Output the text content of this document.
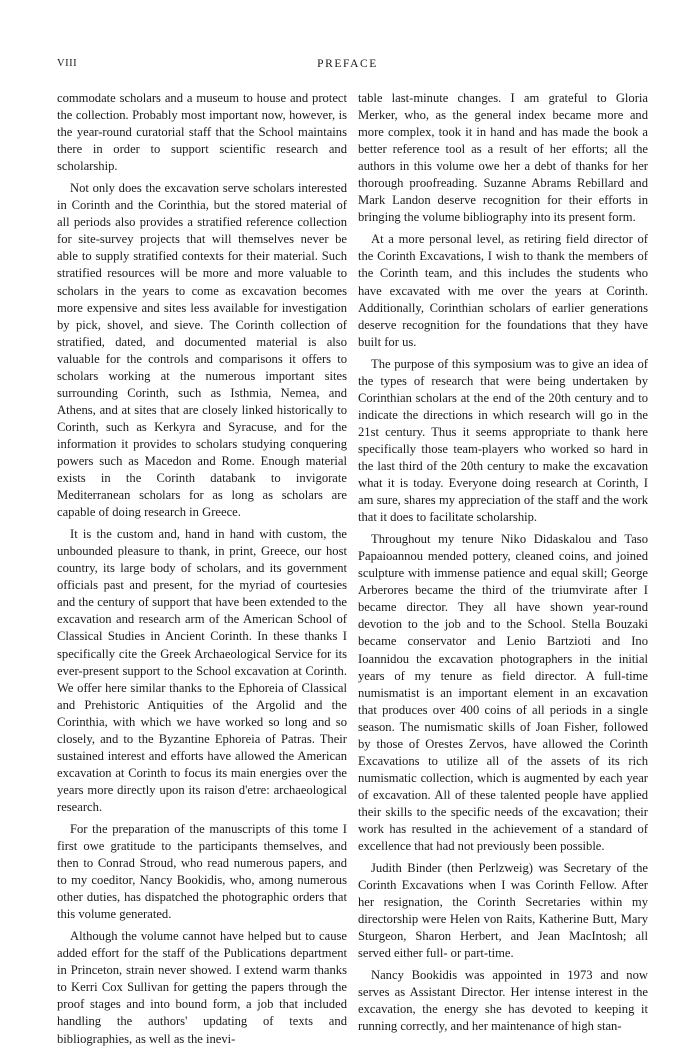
VIII	PREFACE

commodate scholars and a museum to house and protect the collection. Probably most important now, however, is the year-round curatorial staff that the School maintains there in order to support scientific research and scholarship.

Not only does the excavation serve scholars interested in Corinth and the Corinthia, but the stored material of all periods also provides a stratified reference collection for site-survey projects that will themselves never be able to supply stratified contexts for their material. Such stratified resources will be more and more valuable to scholars in the years to come as excavation becomes more expensive and sites less available for investigation by pick, shovel, and sieve. The Corinth collection of stratified, dated, and documented material is also valuable for the controls and comparisons it offers to scholars working at the numerous important sites surrounding Corinth, such as Isthmia, Nemea, and Athens, and at sites that are closely linked historically to Corinth, such as Kerkyra and Syracuse, and for the information it provides to scholars studying conquering powers such as Macedon and Rome. Enough material exists in the Corinth databank to invigorate Mediterranean scholars for as long as scholars are capable of doing research in Greece.

It is the custom and, hand in hand with custom, the unbounded pleasure to thank, in print, Greece, our host country, its large body of scholars, and its government officials past and present, for the myriad of courtesies and the century of support that have been extended to the excavation and research arm of the American School of Classical Studies in Ancient Corinth. In these thanks I specifically cite the Greek Archaeological Service for its ever-present support to the School excavation at Corinth. We offer here similar thanks to the Ephoreia of Classical and Prehistoric Antiquities of the Argolid and the Corinthia, with which we have worked so long and so closely, and to the Byzantine Ephoreia of Patras. Their sustained interest and efforts have allowed the American excavation at Corinth to focus its main energies over the years more directly upon its raison d'etre: archaeological research.

For the preparation of the manuscripts of this tome I first owe gratitude to the participants themselves, and then to Conrad Stroud, who read numerous papers, and to my coeditor, Nancy Bookidis, who, among numerous other duties, has dispatched the photographic orders that this volume generated.

Although the volume cannot have helped but to cause added effort for the staff of the Publications department in Princeton, strain never showed. I extend warm thanks to Kerri Cox Sullivan for getting the papers through the proof stages and into bound form, a job that included handling the authors' updating of texts and bibliographies, as well as the inevi-

table last-minute changes. I am grateful to Gloria Merker, who, as the general index became more and more complex, took it in hand and has made the book a better reference tool as a result of her efforts; all the authors in this volume owe her a debt of thanks for her thorough proofreading. Suzanne Abrams Rebillard and Mark Landon deserve recognition for their efforts in bringing the volume bibliography into its present form.

At a more personal level, as retiring field director of the Corinth Excavations, I wish to thank the members of the Corinth team, and this includes the students who have excavated with me over the years at Corinth. Additionally, Corinthian scholars of earlier generations deserve recognition for the foundations that they have built for us.

The purpose of this symposium was to give an idea of the types of research that were being undertaken by Corinthian scholars at the end of the 20th century and to indicate the directions in which research will go in the 21st century. Thus it seems appropriate to thank here specifically those team-players who worked so hard in the last third of the 20th century to make the excavation what it is today. Everyone doing research at Corinth, I am sure, shares my appreciation of the staff and the work that it does to facilitate scholarship.

Throughout my tenure Niko Didaskalou and Taso Papaioannou mended pottery, cleaned coins, and joined sculpture with immense patience and equal skill; George Arberores became the third of the triumvirate after I became director. They all have shown year-round devotion to the job and to the School. Stella Bouzaki became conservator and Lenio Bartzioti and Ino Ioannidou the excavation photographers in the initial years of my tenure as field director. A full-time numismatist is an important element in an excavation that produces over 400 coins of all periods in a single season. The numismatic skills of Joan Fisher, followed by those of Orestes Zervos, have allowed the Corinth Excavations to utilize all of the assets of its rich numismatic collection, which is augmented by each year of excavation. All of these talented people have applied their skills to the specific needs of the excavation; their work has resulted in the achievement of a standard of excellence that had not previously been possible.

Judith Binder (then Perlzweig) was Secretary of the Corinth Excavations when I was Corinth Fellow. After her resignation, the Corinth Secretaries within my directorship were Helen von Raits, Katherine Butt, Mary Sturgeon, Sharon Herbert, and Jean MacIntosh; all served either full- or part-time.

Nancy Bookidis was appointed in 1973 and now serves as Assistant Director. Her intense interest in the excavation, the energy she has devoted to keeping it running correctly, and her maintenance of high stan-
